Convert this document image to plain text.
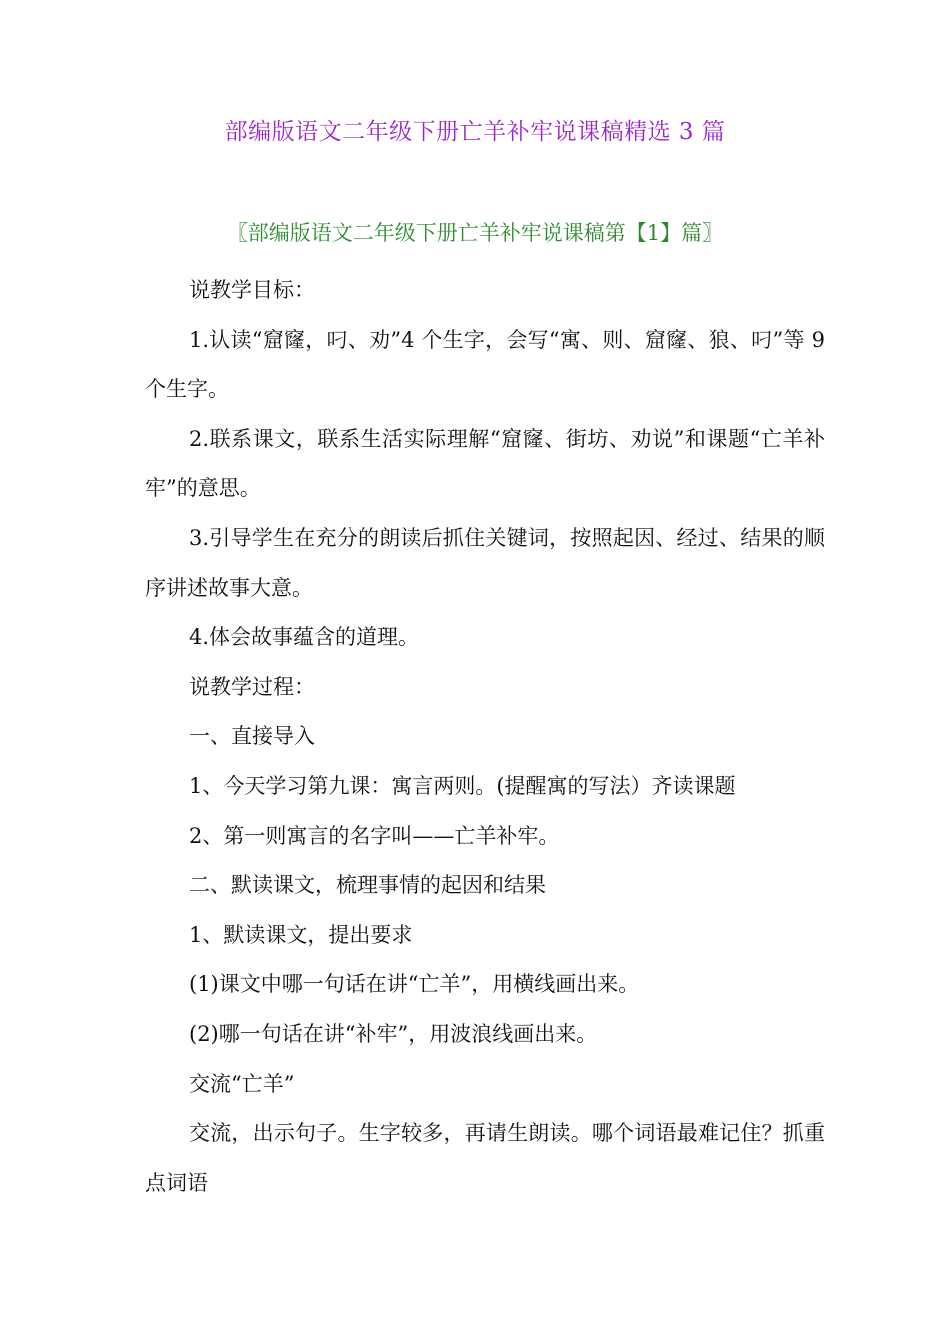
部编版语文二年级下册亡羊补牢说课稿精选 3 篇
〖部编版语文二年级下册亡羊补牢说课稿第【1】篇〗

说教学目标：

1.认读“窟窿，叼、劝”4 个生字，会写“寓、则、窟窿、狼、叼”等 9 个生字。

2.联系课文，联系生活实际理解“窟窿、街坊、劝说”和课题“亡羊补牢”的意思。

3.引导学生在充分的朗读后抓住关键词，按照起因、经过、结果的顺序讲述故事大意。

4.体会故事蕴含的道理。

说教学过程：

一、直接导入

1、今天学习第九课：寓言两则。(提醒寓的写法）齐读课题

2、第一则寓言的名字叫——亡羊补牢。

二、默读课文，梳理事情的起因和结果

1、默读课文，提出要求

(1)课文中哪一句话在讲“亡羊”，用横线画出来。

(2)哪一句话在讲“补牢”，用波浪线画出来。

交流“亡羊”

交流，出示句子。生字较多，再请生朗读。哪个词语最难记住？抓重点词语
